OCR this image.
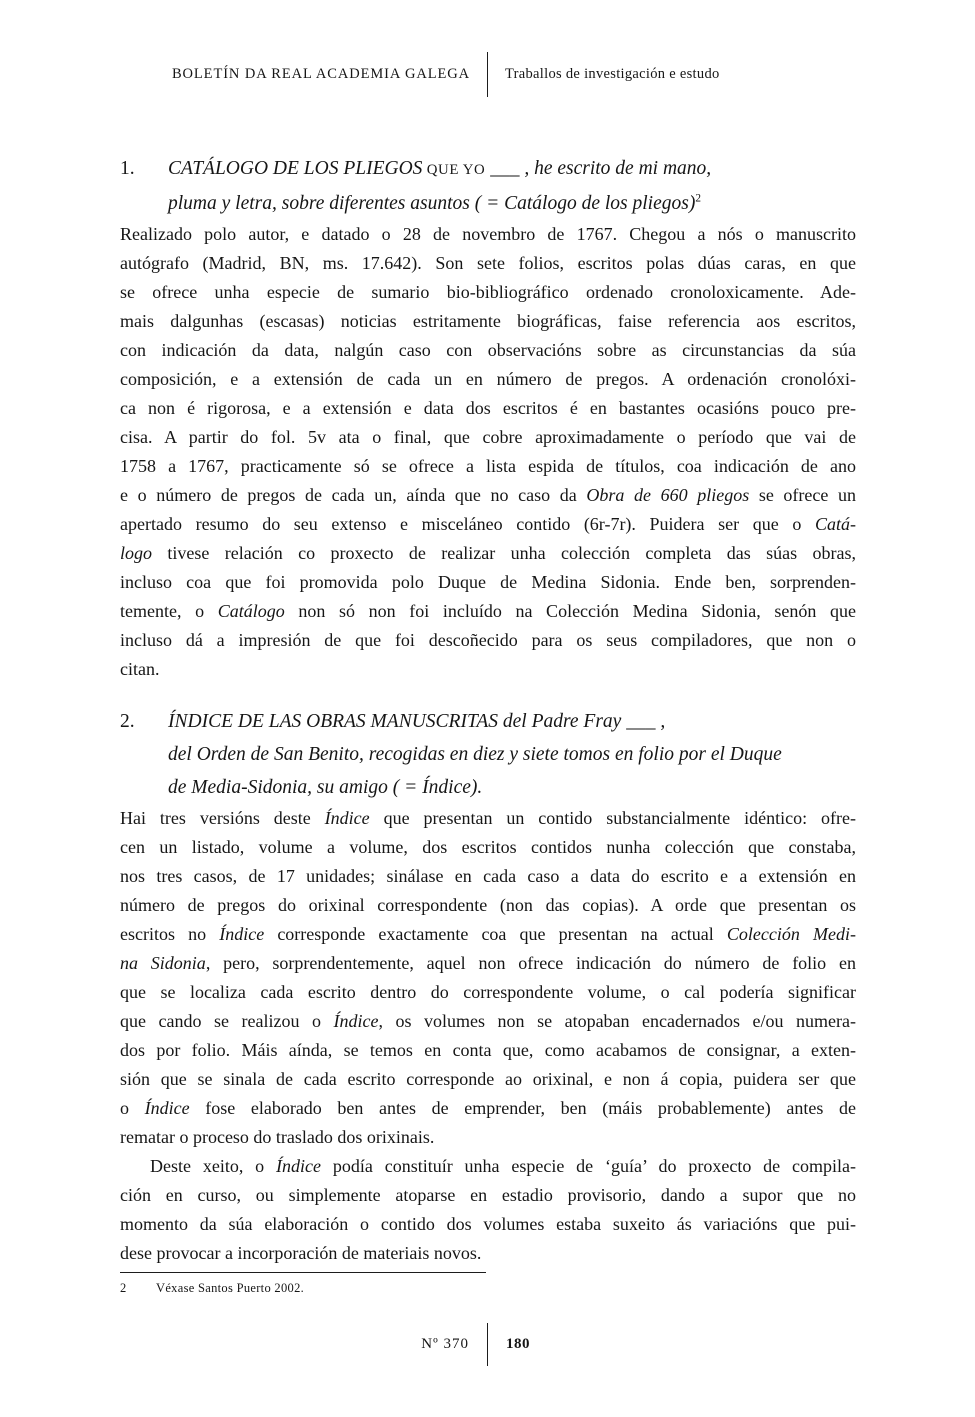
BOLETÍN DA REAL ACADEMIA GALEGA	Traballos de investigación e estudo
1.	CATÁLOGO DE LOS PLIEGOS QUE YO ___ , he escrito de mi mano,
pluma y letra, sobre diferentes asuntos ( = Catálogo de los pliegos)$^2$
Realizado polo autor, e datado o 28 de novembro de 1767. Chegou a nós o manuscrito
autógrafo (Madrid, BN, ms. 17.642). Son sete folios, escritos polas dúas caras, en que
se ofrece unha especie de sumario bio-bibliográfico ordenado cronoloxicamente. Ade-
mais dalgunhas (escasas) noticias estritamente biográficas, faise referencia aos escritos,
con indicación da data, nalgún caso con observacións sobre as circunstancias da súa
composición, e a extensión de cada un en número de pregos. A ordenación cronolóxi-
ca non é rigorosa, e a extensión e data dos escritos é en bastantes ocasións pouco pre-
cisa. A partir do fol. 5v ata o final, que cobre aproximadamente o período que vai de
1758 a 1767, practicamente só se ofrece a lista espida de títulos, coa indicación de ano
e o número de pregos de cada un, aínda que no caso da Obra de 660 pliegos se ofrece un
apertado resumo do seu extenso e misceláneo contido (6r-7r). Puidera ser que o Catá-
logo tivese relación co proxecto de realizar unha colección completa das súas obras,
incluso coa que foi promovida polo Duque de Medina Sidonia. Ende ben, sorprenden-
temente, o Catálogo non só non foi incluído na Colección Medina Sidonia, senón que
incluso dá a impresión de que foi descoñecido para os seus compiladores, que non o
citan.
2.	ÍNDICE DE LAS OBRAS MANUSCRITAS del Padre Fray ___ ,
del Orden de San Benito, recogidas en diez y siete tomos en folio por el Duque
de Media-Sidonia, su amigo ( = Índice).
Hai tres versións deste Índice que presentan un contido substancialmente idéntico: ofre-
cen un listado, volume a volume, dos escritos contidos nunha colección que constaba,
nos tres casos, de 17 unidades; sinálase en cada caso a data do escrito e a extensión en
número de pregos do orixinal correspondente (non das copias). A orde que presentan os
escritos no Índice corresponde exactamente coa que presentan na actual Colección Medi-
na Sidonia, pero, sorprendentemente, aquel non ofrece indicación do número de folio en
que se localiza cada escrito dentro do correspondente volume, o cal podería significar
que cando se realizou o Índice, os volumes non se atopaban encadernados e/ou numera-
dos por folio. Máis aínda, se temos en conta que, como acabamos de consignar, a exten-
sión que se sinala de cada escrito corresponde ao orixinal, e non á copia, puidera ser que
o Índice fose elaborado ben antes de emprender, ben (máis probablemente) antes de
rematar o proceso do traslado dos orixinais.
Deste xeito, o Índice podía constituír unha especie de ‘guía’ do proxecto de compila-
ción en curso, ou simplemente atoparse en estadio provisorio, dando a supor que no
momento da súa elaboración o contido dos volumes estaba suxeito ás variacións que pui-
dese provocar a incorporación de materiais novos.
2	Véxase Santos Puerto 2002.
Nº 370	180
